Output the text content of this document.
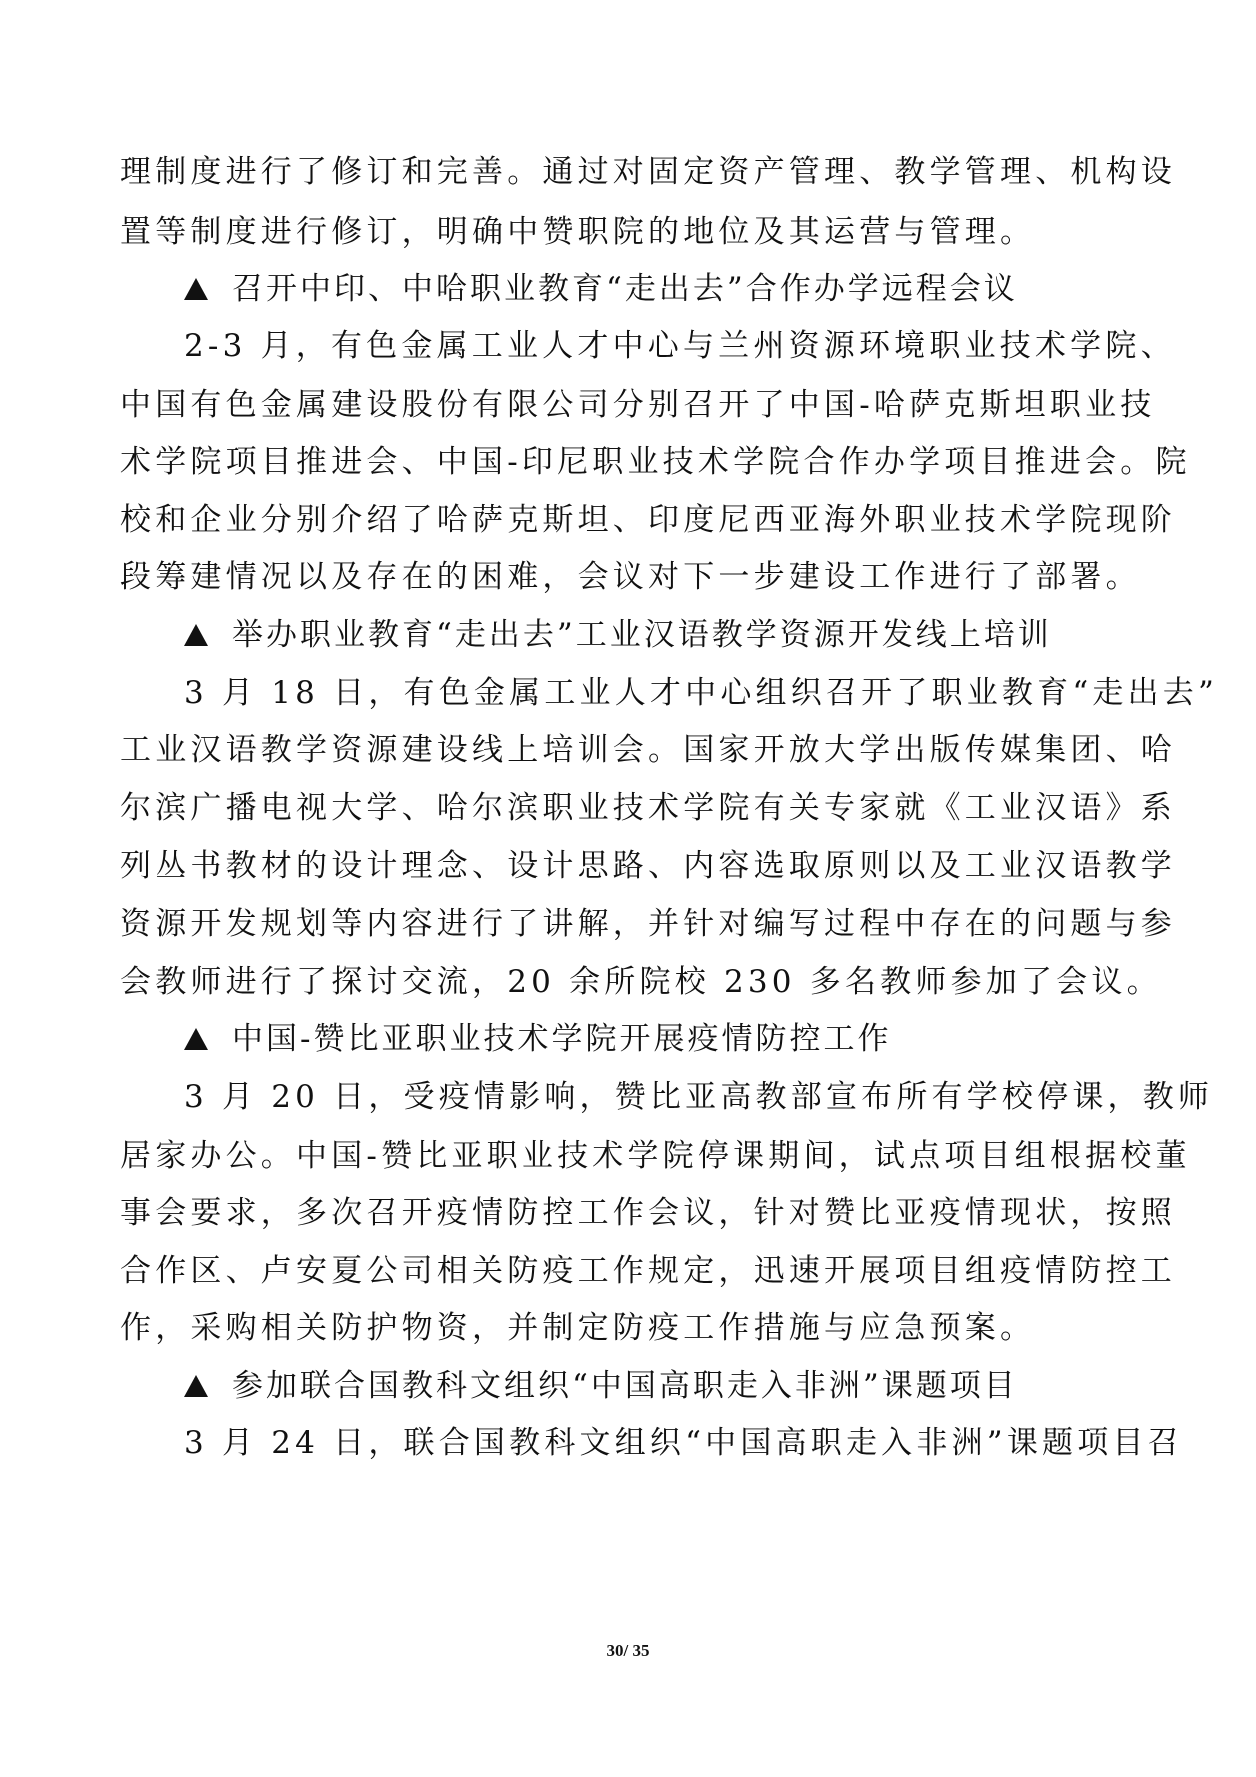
理制度进行了修订和完善。通过对固定资产管理、教学管理、机构设
置等制度进行修订，明确中赞职院的地位及其运营与管理。
召开中印、中哈职业教育“走出去”合作办学远程会议
2-3 月，有色金属工业人才中心与兰州资源环境职业技术学院、
中国有色金属建设股份有限公司分别召开了中国-哈萨克斯坦职业技
术学院项目推进会、中国-印尼职业技术学院合作办学项目推进会。院
校和企业分别介绍了哈萨克斯坦、印度尼西亚海外职业技术学院现阶
段筹建情况以及存在的困难，会议对下一步建设工作进行了部署。
举办职业教育“走出去”工业汉语教学资源开发线上培训
3 月 18 日，有色金属工业人才中心组织召开了职业教育“走出去”
工业汉语教学资源建设线上培训会。国家开放大学出版传媒集团、哈
尔滨广播电视大学、哈尔滨职业技术学院有关专家就《工业汉语》系
列丛书教材的设计理念、设计思路、内容选取原则以及工业汉语教学
资源开发规划等内容进行了讲解，并针对编写过程中存在的问题与参
会教师进行了探讨交流，20 余所院校 230 多名教师参加了会议。
中国-赞比亚职业技术学院开展疫情防控工作
3 月 20 日，受疫情影响，赞比亚高教部宣布所有学校停课，教师
居家办公。中国-赞比亚职业技术学院停课期间，试点项目组根据校董
事会要求，多次召开疫情防控工作会议，针对赞比亚疫情现状，按照
合作区、卢安夏公司相关防疫工作规定，迅速开展项目组疫情防控工
作，采购相关防护物资，并制定防疫工作措施与应急预案。
参加联合国教科文组织“中国高职走入非洲”课题项目
3 月 24 日，联合国教科文组织“中国高职走入非洲”课题项目召
30/ 35
